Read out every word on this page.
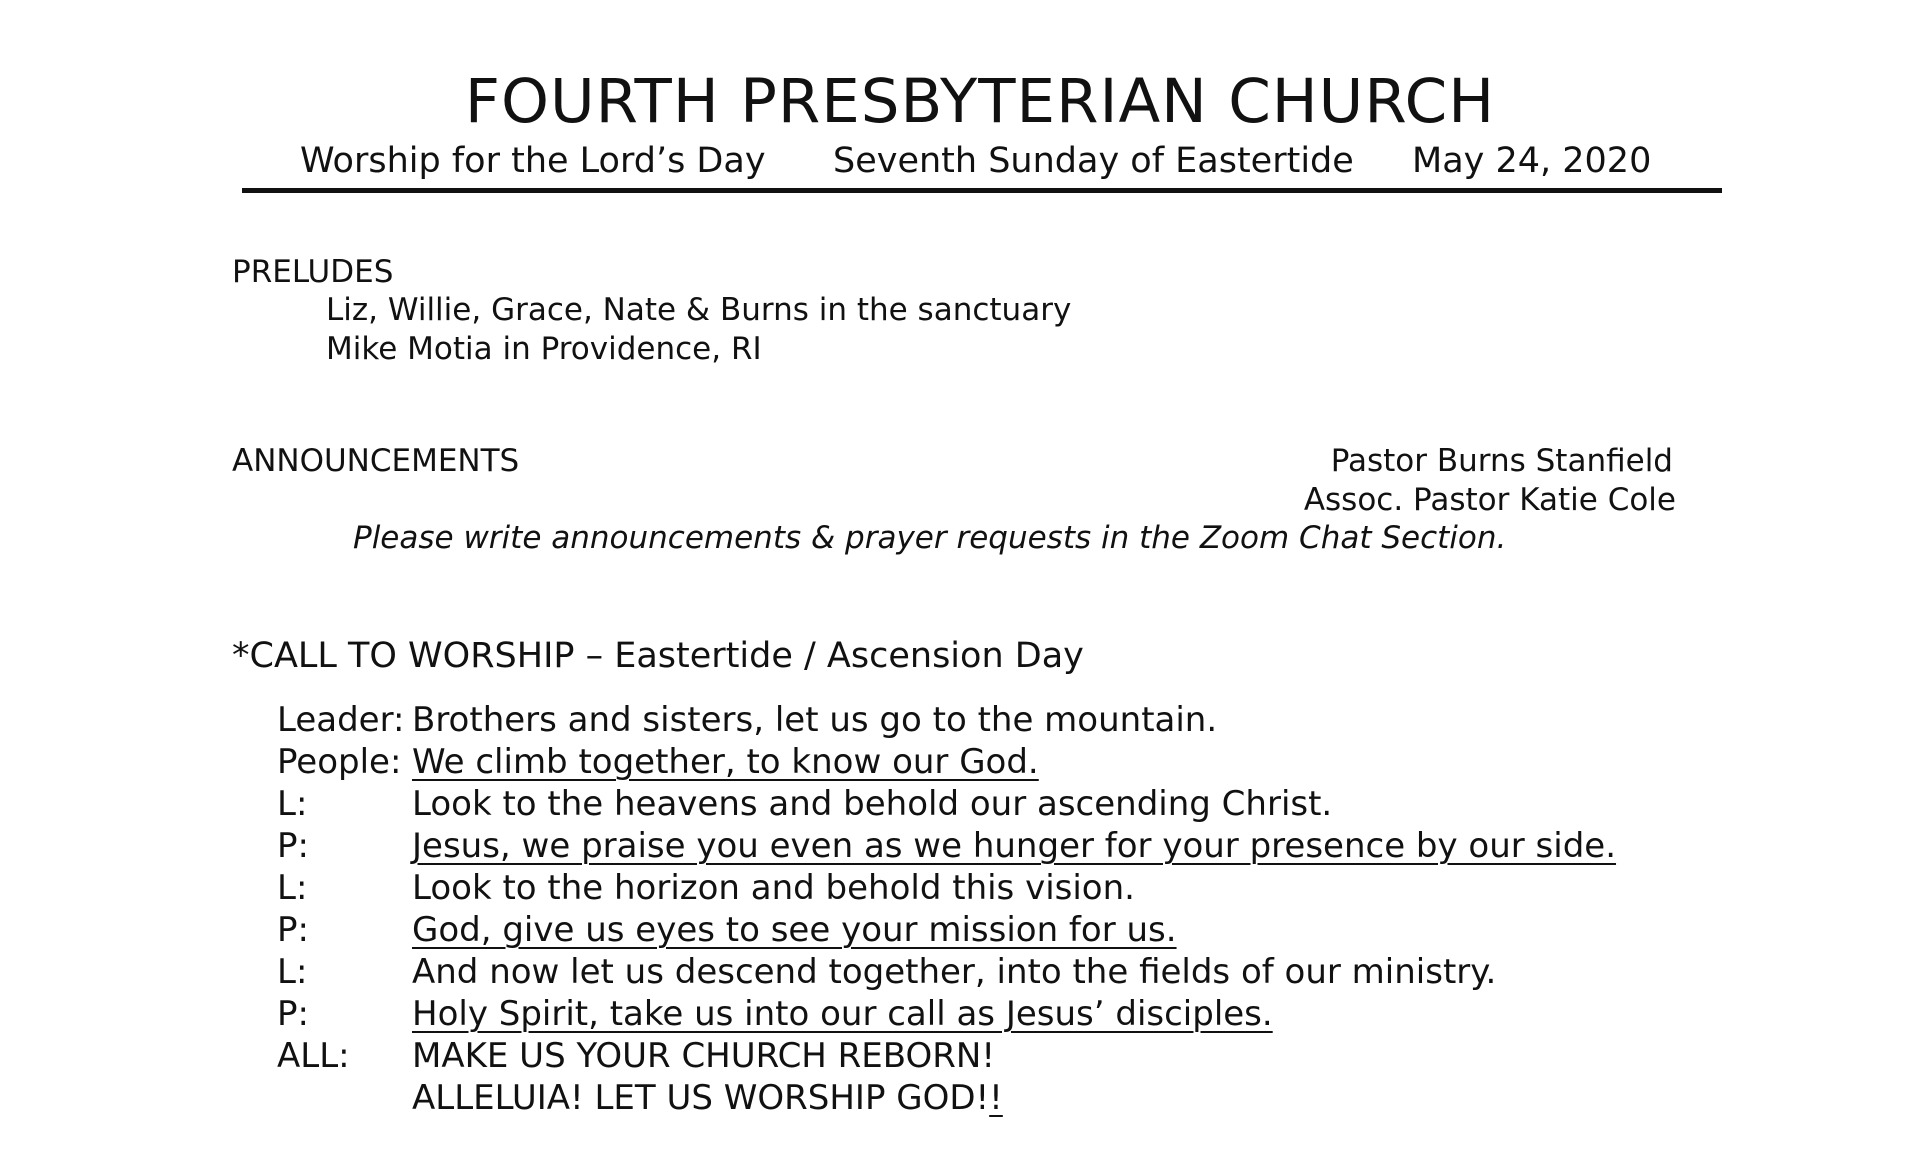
FOURTH PRESBYTERIAN CHURCH
Worship for the Lord’s Day Seventh Sunday of Eastertide May 24, 2020
PRELUDES
Liz, Willie, Grace, Nate & Burns in the sanctuary
Mike Motia in Providence, RI
ANNOUNCEMENTS	Pastor Burns Stanfield
Assoc. Pastor Katie Cole
Please write announcements & prayer requests in the Zoom Chat Section.
*CALL TO WORSHIP – Eastertide / Ascension Day
Leader: Brothers and sisters, let us go to the mountain.
People: We climb together, to know our God.
L:	Look to the heavens and behold our ascending Christ.
P:	Jesus, we praise you even as we hunger for your presence by our side.
L:	Look to the horizon and behold this vision.
P:	God, give us eyes to see your mission for us.
L:	And now let us descend together, into the fields of our ministry.
P:	Holy Spirit, take us into our call as Jesus’ disciples.
ALL:	MAKE US YOUR CHURCH REBORN!
ALLELUIA! LET US WORSHIP GOD!!
